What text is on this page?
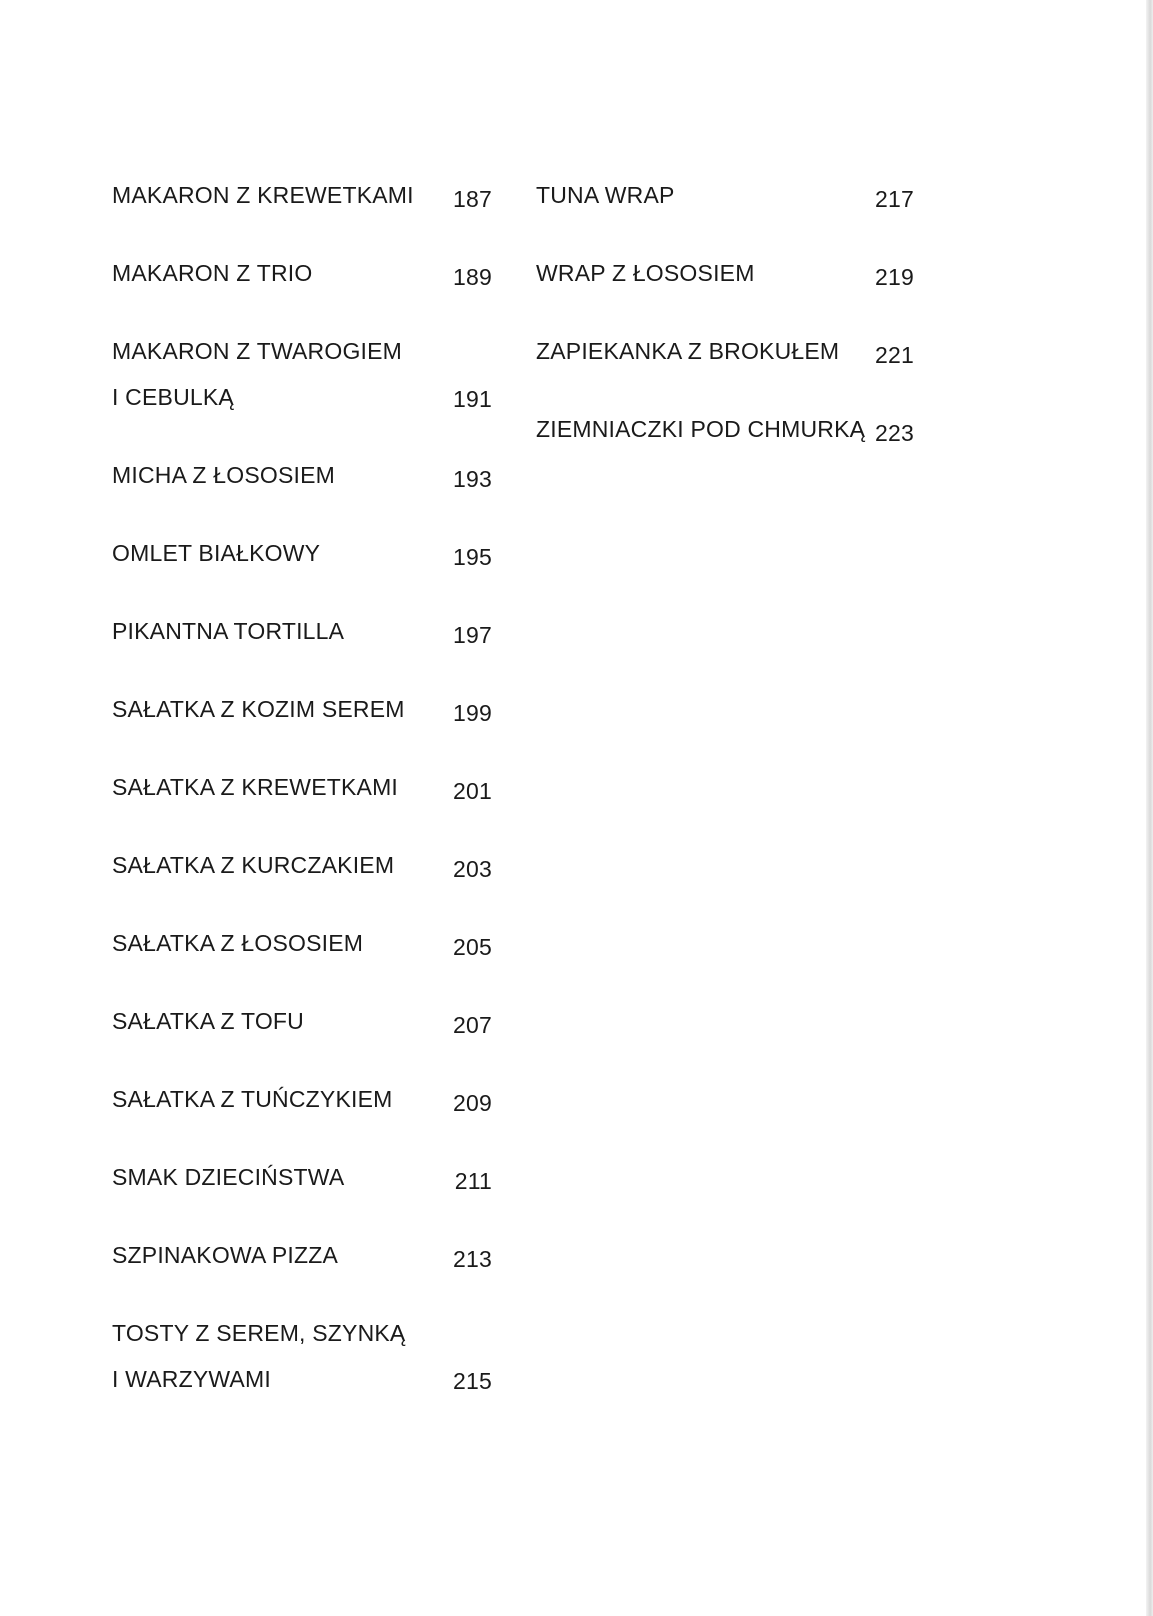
MAKARON Z KREWETKAMI	187
MAKARON Z TRIO	189
MAKARON Z TWAROGIEM
I CEBULKĄ	191
MICHA Z ŁOSOSIEM	193
OMLET BIAŁKOWY	195
PIKANTNA TORTILLA	197
SAŁATKA Z KOZIM SEREM	199
SAŁATKA Z KREWETKAMI	201
SAŁATKA Z KURCZAKIEM	203
SAŁATKA Z ŁOSOSIEM	205
SAŁATKA Z TOFU	207
SAŁATKA Z TUŃCZYKIEM	209
SMAK DZIECIŃSTWA	211
SZPINAKOWA PIZZA	213
TOSTY Z SEREM, SZYNKĄ
I WARZYWAMI	215
TUNA WRAP	217
WRAP Z ŁOSOSIEM	219
ZAPIEKANKA Z BROKUŁEM	221
ZIEMNIACZKI POD CHMURKĄ 223
